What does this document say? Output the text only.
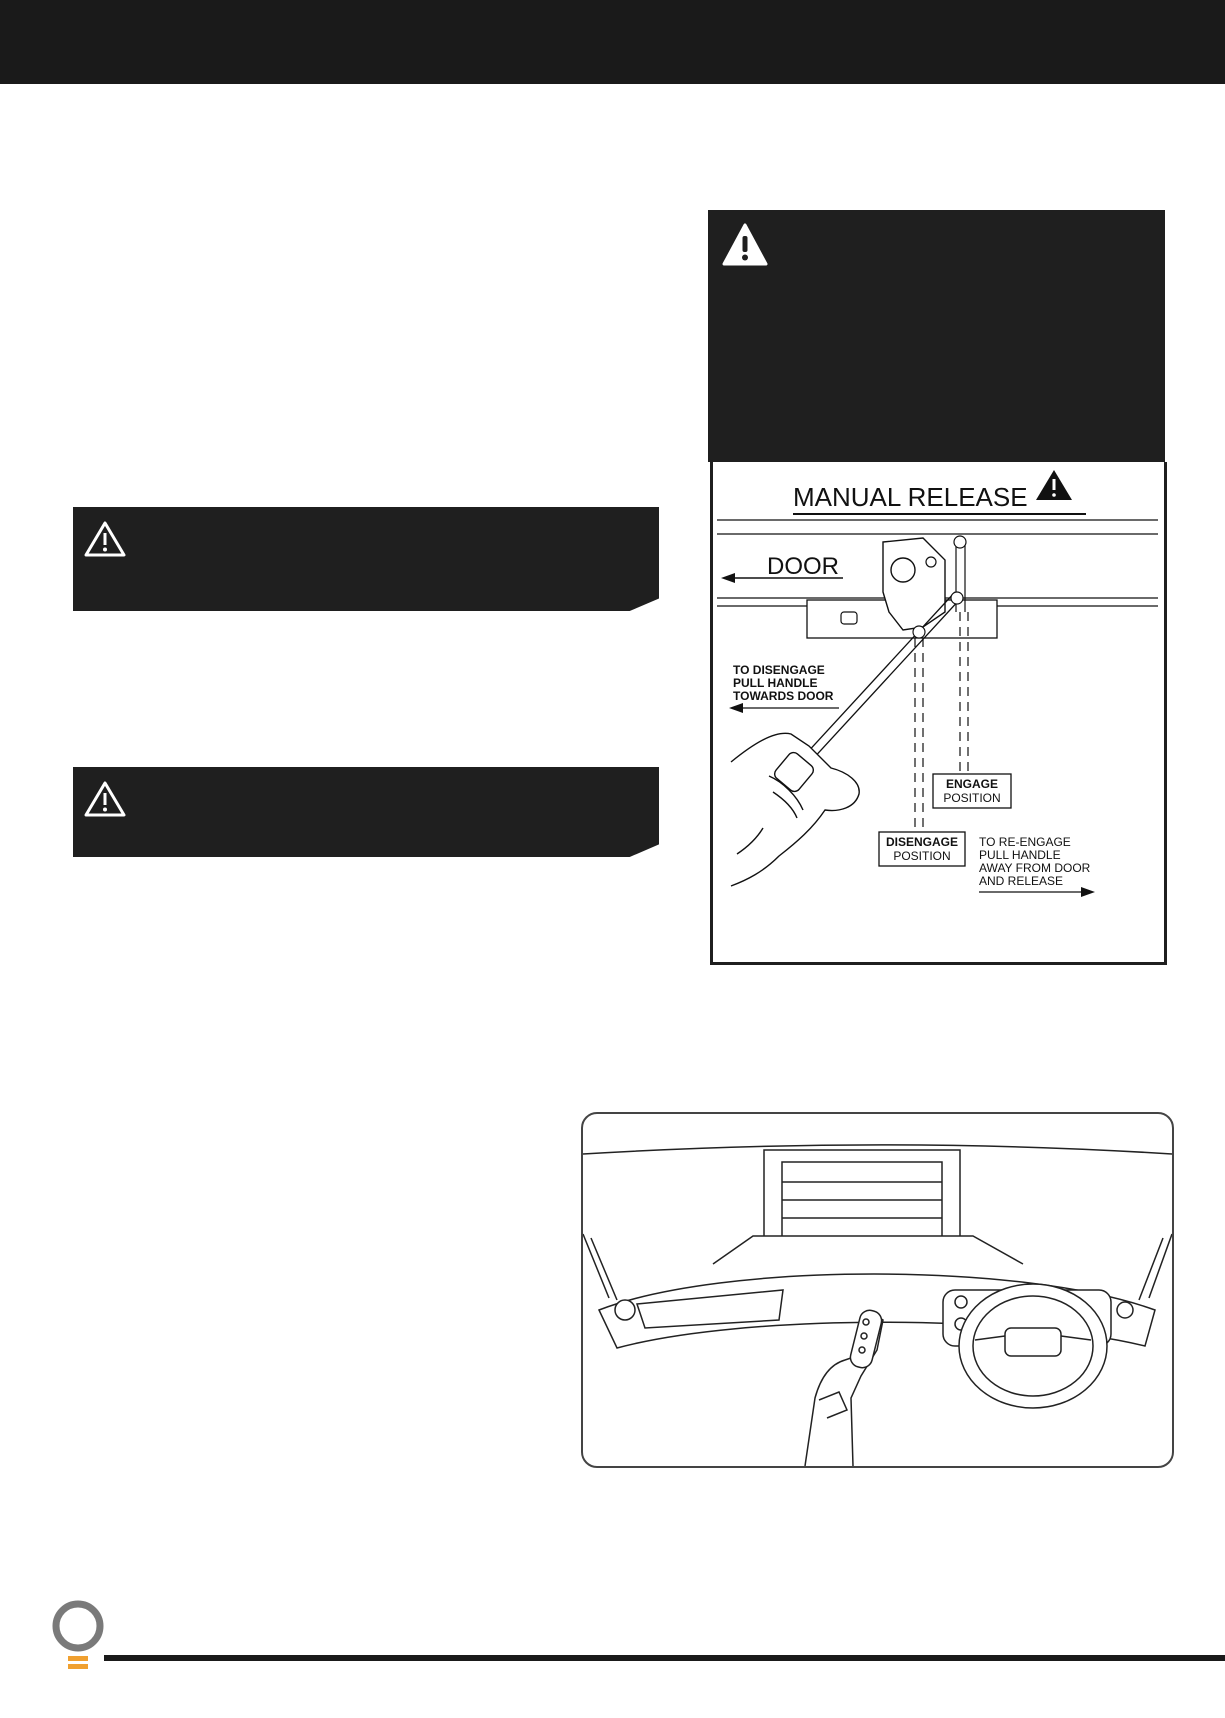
MANUAL RELEASE
DOOR
TO DISENGAGE
PULL HANDLE
TOWARDS DOOR
ENGAGE
POSITION
DISENGAGE
POSITION
TO RE-ENGAGE
PULL HANDLE
AWAY FROM DOOR
AND RELEASE
